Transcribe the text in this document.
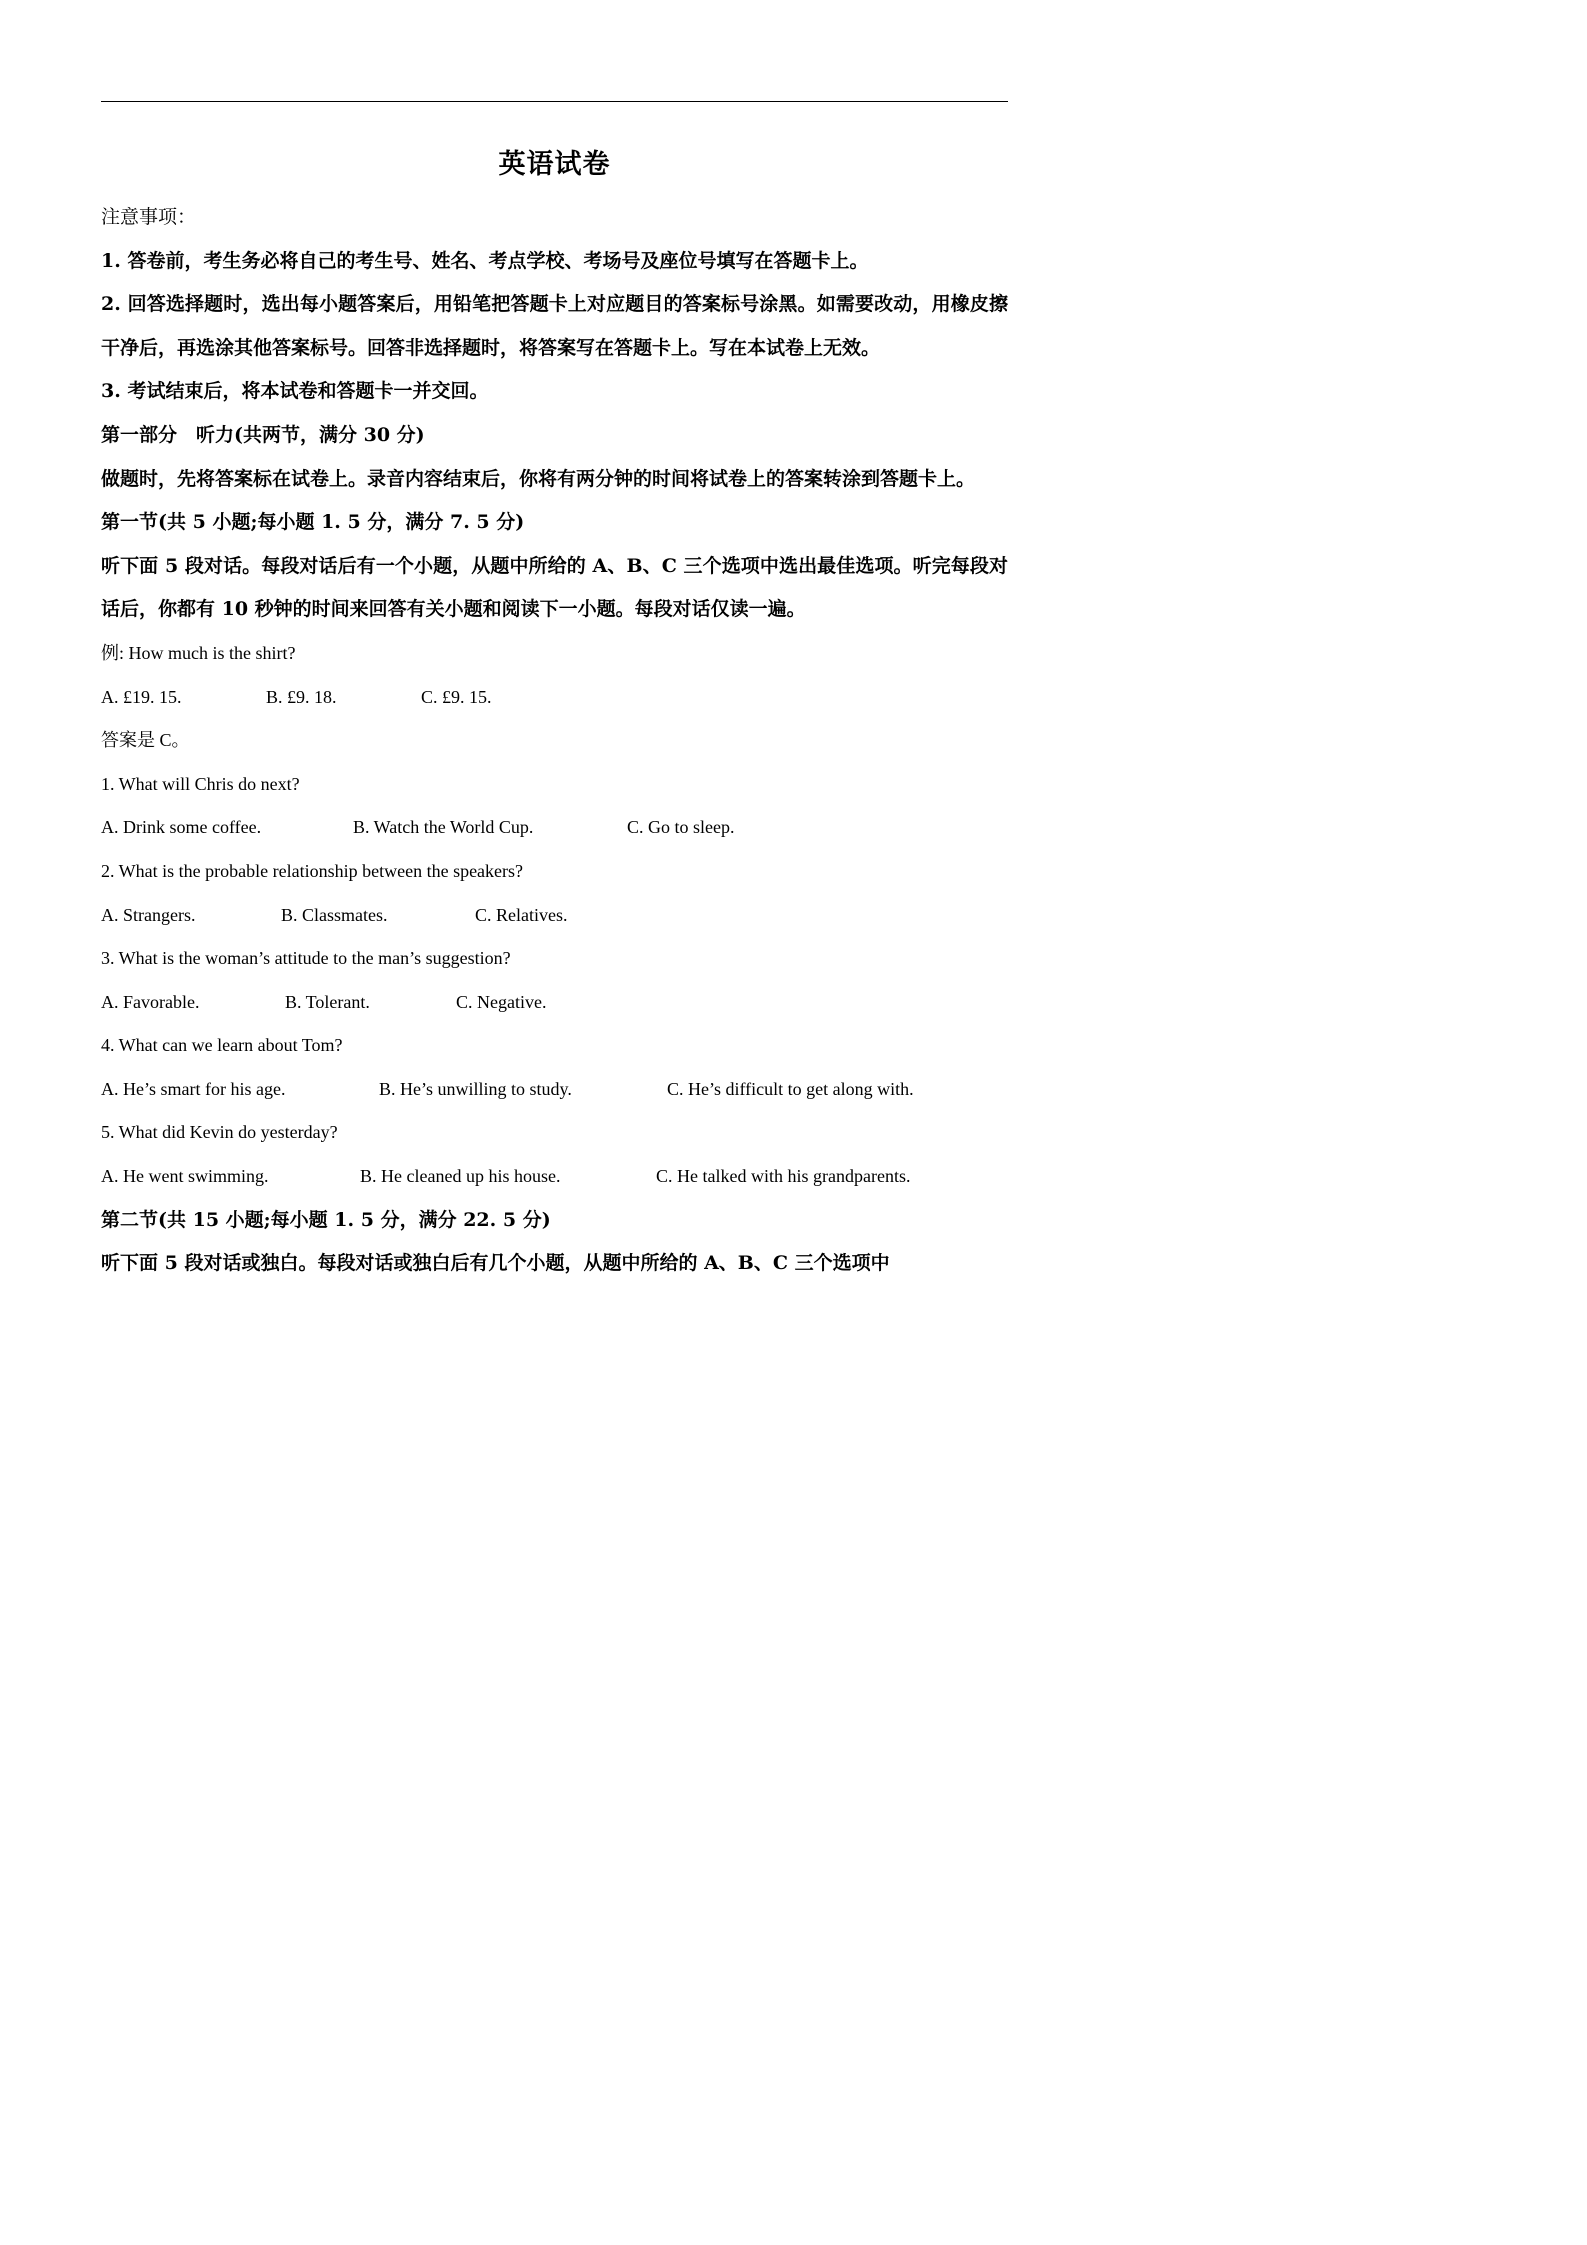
英语试卷

注意事项：

1. 答卷前，考生务必将自己的考生号、姓名、考点学校、考场号及座位号填写在答题卡上。

2. 回答选择题时，选出每小题答案后，用铅笔把答题卡上对应题目的答案标号涂黑。如需要改动，用橡皮擦干净后，再选涂其他答案标号。回答非选择题时，将答案写在答题卡上。写在本试卷上无效。

3. 考试结束后，将本试卷和答题卡一并交回。

第一部分　听力(共两节，满分 30 分)

做题时，先将答案标在试卷上。录音内容结束后，你将有两分钟的时间将试卷上的答案转涂到答题卡上。

第一节(共 5 小题;每小题 1. 5 分，满分 7. 5 分)

听下面 5 段对话。每段对话后有一个小题，从题中所给的 A、B、C 三个选项中选出最佳选项。听完每段对话后，你都有 10 秒钟的时间来回答有关小题和阅读下一小题。每段对话仅读一遍。

例: How much is the shirt?

A. £19. 15.	B. £9. 18.	C. £9. 15.

答案是 C。

1. What will Chris do next?

A. Drink some coffee.	B. Watch the World Cup.	C. Go to sleep.

2. What is the probable relationship between the speakers?

A. Strangers.	B. Classmates.	C. Relatives.

3. What is the woman’s attitude to the man’s suggestion?

A. Favorable.	B. Tolerant.	C. Negative.

4. What can we learn about Tom?

A. He’s smart for his age.	B. He’s unwilling to study.	C. He’s difficult to get along with.

5. What did Kevin do yesterday?

A. He went swimming.	B. He cleaned up his house.	C. He talked with his grandparents.

第二节(共 15 小题;每小题 1. 5 分，满分 22. 5 分)

听下面 5 段对话或独白。每段对话或独白后有几个小题，从题中所给的 A、B、C 三个选项中
